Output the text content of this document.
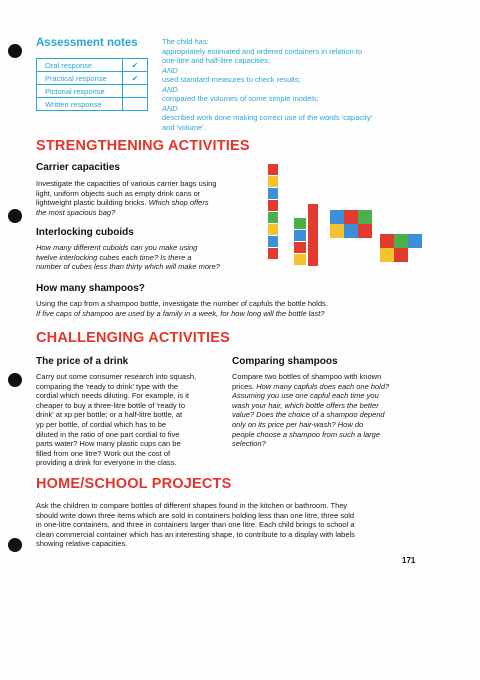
Assessment notes
Oral response	✔
Practical response	✔
Pictorial response	
Written response	
The child has:
appropriately estimated and ordered containers in relation to
one-litre and half-litre capacities;
AND
used standard measures to check results;
AND
compared the volumes of some simple models;
AND
described work done making correct use of the words 'capacity'
and 'volume'.
STRENGTHENING ACTIVITIES
Carrier capacities
Investigate the capacities of various carrier bags using
light, uniform objects such as empty drink cans or
lightweight plastic building bricks. Which shop offers
the most spacious bag?
Interlocking cuboids
How many different cuboids can you make using
twelve interlocking cubes each time? Is there a
number of cubes less than thirty which will make more?
How many shampoos?
Using the cap from a shampoo bottle, investigate the number of capfuls the bottle holds.
If five caps of shampoo are used by a family in a week, for how long will the bottle last?
CHALLENGING ACTIVITIES
The price of a drink
Carry out some consumer research into squash,
comparing the 'ready to drink' type with the
cordial which needs diluting. For example, is it
cheaper to buy a three-litre bottle of 'ready to
drink' at xp per bottle; or a half-litre bottle, at
yp per bottle, of cordial which has to be
diluted in the ratio of one part cordial to five
parts water? How many plastic cups can be
filled from one litre? Work out the cost of
providing a drink for everyone in the class.
Comparing shampoos
Compare two bottles of shampoo with known
prices. How many capfuls does each one hold?
Assuming you use one capful each time you
wash your hair, which bottle offers the better
value? Does the choice of a shampoo depend
only on its price per hair-wash? How do
people choose a shampoo from such a large
selection?
HOME/SCHOOL PROJECTS
Ask the children to compare bottles of different shapes found in the kitchen or bathroom. They
should write down three items which are sold in containers holding less than one litre, three sold
in one-litre containers, and three in containers larger than one litre. Each child brings to school a
clean commercial container which has an interesting shape, to contribute to a display with labels
showing relative capacities.
171
